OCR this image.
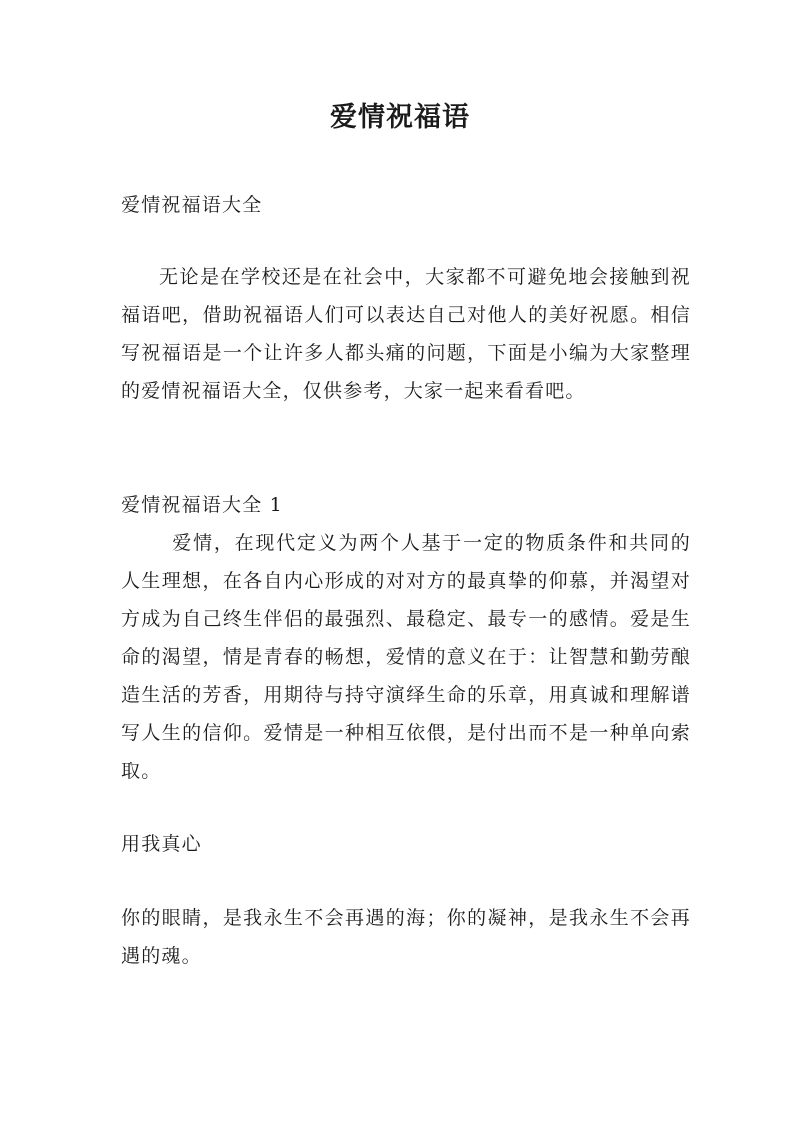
爱情祝福语

爱情祝福语大全

无论是在学校还是在社会中，大家都不可避免地会接触到祝福语吧，借助祝福语人们可以表达自己对他人的美好祝愿。相信写祝福语是一个让许多人都头痛的问题，下面是小编为大家整理的爱情祝福语大全，仅供参考，大家一起来看看吧。

爱情祝福语大全 1

爱情，在现代定义为两个人基于一定的物质条件和共同的人生理想，在各自内心形成的对对方的最真挚的仰慕，并渴望对方成为自己终生伴侣的最强烈、最稳定、最专一的感情。爱是生命的渴望，情是青春的畅想，爱情的意义在于：让智慧和勤劳酿造生活的芳香，用期待与持守演绎生命的乐章，用真诚和理解谱写人生的信仰。爱情是一种相互依偎，是付出而不是一种单向索取。

用我真心

你的眼睛，是我永生不会再遇的海；你的凝神，是我永生不会再遇的魂。
